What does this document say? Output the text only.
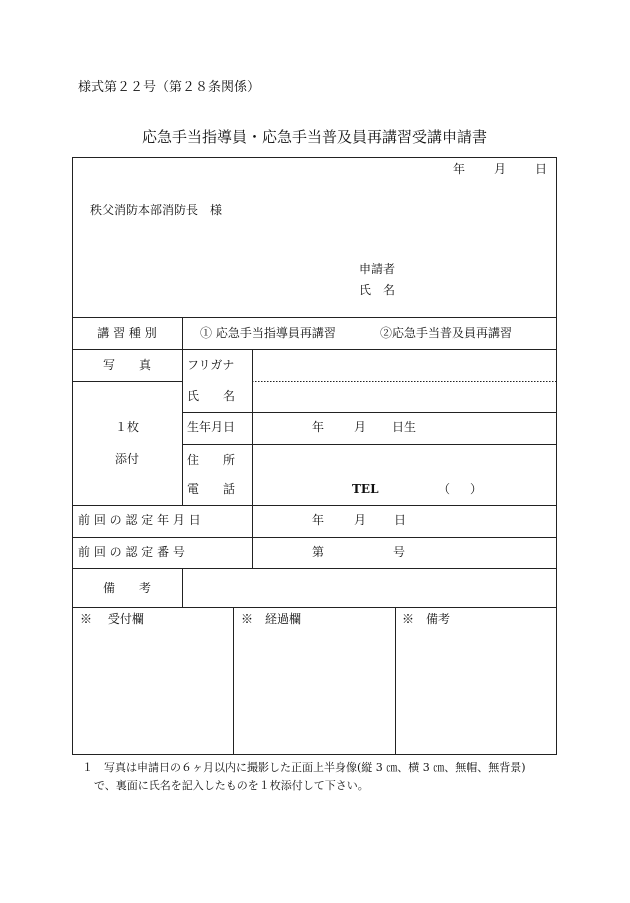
様式第２２号（第２８条関係）
応急手当指導員・応急手当普及員再講習受講申請書
年 月 日
秩父消防本部消防長　様
申請者
氏　名
講 習 種 別	① 応急手当指導員再講習	②応急手当普及員再講習
写　　真
１枚
添付
フリガナ
氏　　名
生年月日	年 月 日生
住　　所
電　　話	TEL	（ ）
前 回 の 認 定 年 月 日	年 月 日
前 回 の 認 定 番 号	第	号
備　　考
※　 受付欄	※　経過欄	※　備考
１　写真は申請日の６ヶ月以内に撮影した正面上半身像(縦 3 ㎝、横 3 ㎝、無帽、無背景)
で、裏面に氏名を記入したものを１枚添付して下さい。
